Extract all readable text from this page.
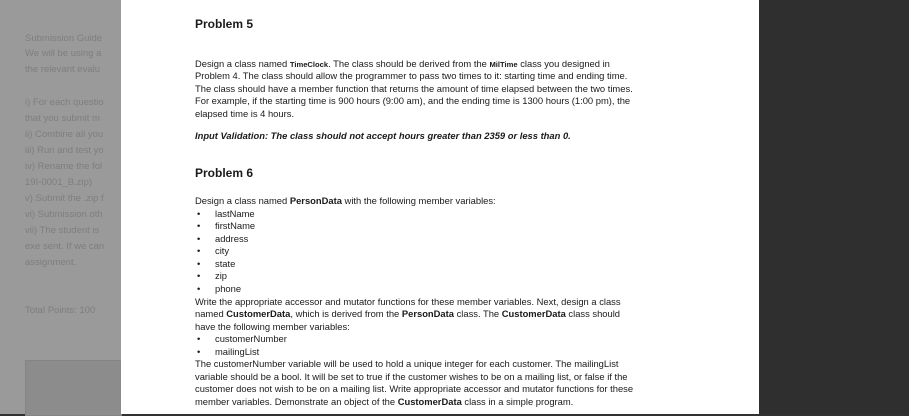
Submission Guide
We will be using a
the relevant evalu
i) For each questio
that you submit m
ii) Combine all you
iii) Run and test yo
iv) Rename the fol
19I-0001_B.zip)
v) Submit the .zip f
vi) Submission oth
vii) The student is
exe sent. If we can
assignment.
Total Points: 100
Problem 5
Design a class named TimeClock. The class should be derived from the MilTime class you designed in
Problem 4. The class should allow the programmer to pass two times to it: starting time and ending time.
The class should have a member function that returns the amount of time elapsed between the two times.
For example, if the starting time is 900 hours (9:00 am), and the ending time is 1300 hours (1:00 pm), the
elapsed time is 4 hours.
Input Validation: The class should not accept hours greater than 2359 or less than 0.
Problem 6
Design a class named PersonData with the following member variables:
• lastName
• firstName
• address
• city
• state
• zip
• phone
Write the appropriate accessor and mutator functions for these member variables. Next, design a class
named CustomerData, which is derived from the PersonData class. The CustomerData class should
have the following member variables:
• customerNumber
• mailingList
The customerNumber variable will be used to hold a unique integer for each customer. The mailingList
variable should be a bool. It will be set to true if the customer wishes to be on a mailing list, or false if the
customer does not wish to be on a mailing list. Write appropriate accessor and mutator functions for these
member variables. Demonstrate an object of the CustomerData class in a simple program.
